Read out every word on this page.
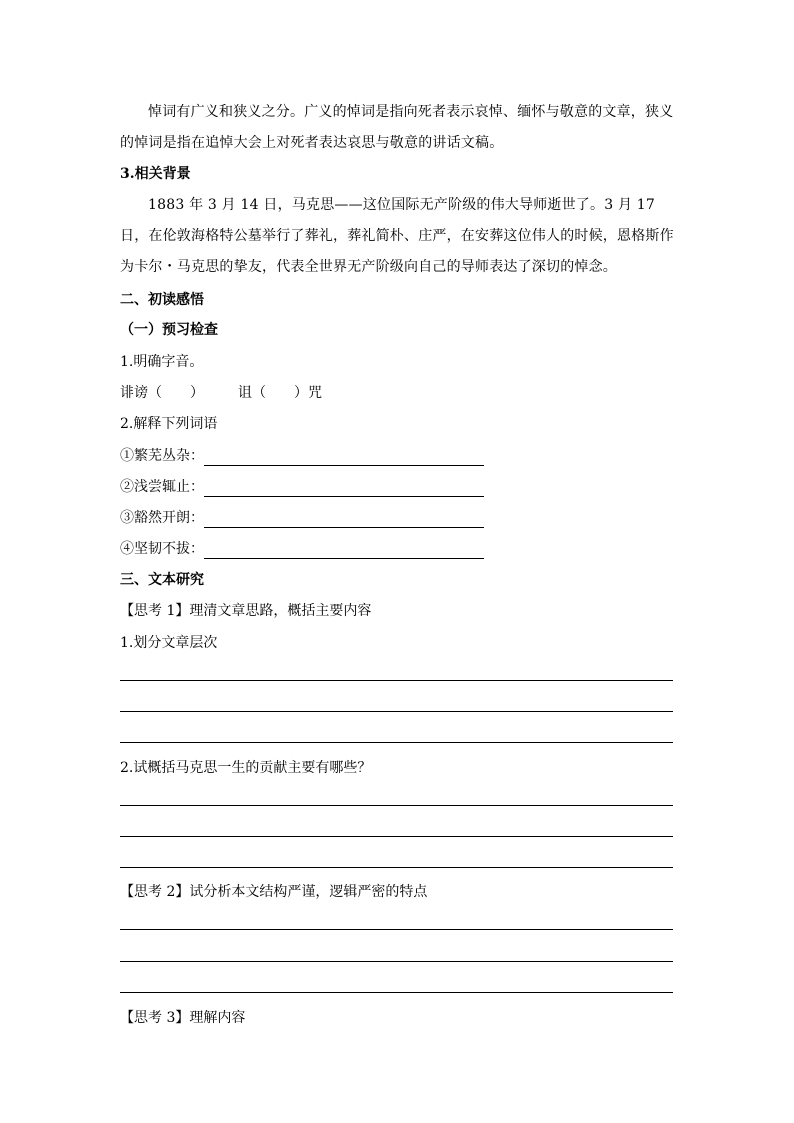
悼词有广义和狭义之分。广义的悼词是指向死者表示哀悼、缅怀与敬意的文章，狭义的悼词是指在追悼大会上对死者表达哀思与敬意的讲话文稿。

3.相关背景

1883 年 3 月 14 日，马克思——这位国际无产阶级的伟大导师逝世了。3 月 17 日，在伦敦海格特公墓举行了葬礼，葬礼简朴、庄严，在安葬这位伟人的时候，恩格斯作为卡尔・马克思的挚友，代表全世界无产阶级向自己的导师表达了深切的悼念。

二、初读感悟
（一）预习检查
1.明确字音。
诽谤（ ） 诅（ ）咒
2.解释下列词语
①繁芜丛杂：
②浅尝辄止：
③豁然开朗：
④坚韧不拔：
三、文本研究
【思考 1】理清文章思路，概括主要内容
1.划分文章层次
2.试概括马克思一生的贡献主要有哪些？
【思考 2】试分析本文结构严谨，逻辑严密的特点
【思考 3】理解内容
